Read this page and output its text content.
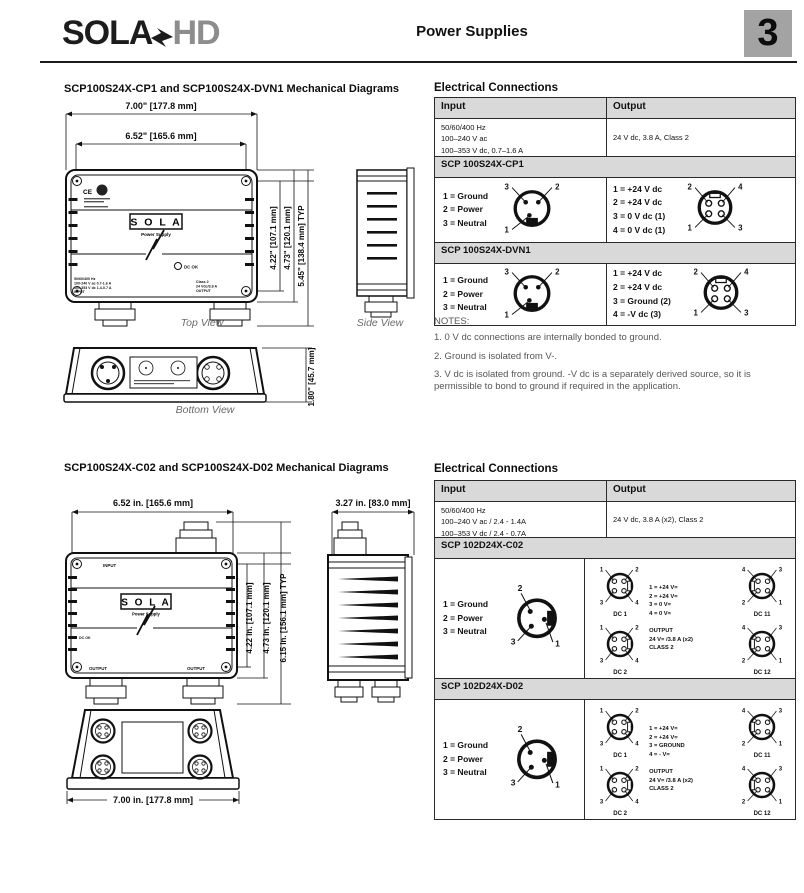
SOLA HD	Power Supplies	3
SCP100S24X-CP1 and SCP100S24X-DVN1 Mechanical Diagrams
7.00" [177.8 mm]
6.52" [165.6 mm]
CE
S O L A
Power Supply
DC OK
50/60/400 Hz
100-240 V ac 0.7-1.6 A
100-353 V dc 1.4-0.7 A
INPUT
Class 2
24 Vdc/3.8 A
OUTPUT
4.22" [107.1 mm] 4.73" [120.1 mm] 5.45" [138.4 mm] TYP
Top View	Side View
1.80" [45.7 mm]
Bottom View
Electrical Connections
Input	Output
50/60/400 Hz
100–240 V ac
100–353 V dc, 0.7–1.6 A
24 V dc, 3.8 A, Class 2
SCP 100S24X-CP1
1 = Ground
2 = Power
3 = Neutral
3	2
1
1 = +24 V dc
2 = +24 V dc
3 = 0 V dc (1)
4 = 0 V dc (1)
2	4
1	3
SCP 100S24X-DVN1
1 = Ground
2 = Power
3 = Neutral
3	2
1
1 = +24 V dc
2 = +24 V dc
3 = Ground (2)
4 = -V dc (3)
2	4
1	3
NOTES:
1. 0 V dc connections are internally bonded to ground.
2. Ground is isolated from V-.
3. V dc is isolated from ground. -V dc is a separately derived source, so it is permissible to bond to ground if required in the application.
SCP100S24X-C02 and SCP100S24X-D02 Mechanical Diagrams
6.52 in. [165.6 mm]
INPUT
S O L A
Power Supply
DC OK
OUTPUT	OUTPUT
4.22 in. [107.1 mm] 4.73 in. [120.1 mm] 6.15 in. [156.1 mm] TYP
3.27 in. [83.0 mm]
7.00 in. [177.8 mm]
Electrical Connections
Input	Output
50/60/400 Hz
100–240 V ac / 2.4 - 1.4A
100–353 V dc / 2.4 - 0.7A
24 V dc, 3.8 A (x2), Class 2
SCP 102D24X-C02
1 = Ground
2 = Power
3 = Neutral
2
3	1
1	2
3	4
DC 1
1	2
3	4
DC 2
1 = +24 V=
2 = +24 V=
3 = 0 V=
4 = 0 V=
OUTPUT
24 V= /3.8 A (x2)
CLASS 2
4	3
2	1
DC 11
4	3
2	1
DC 12
SCP 102D24X-D02
1 = Ground
2 = Power
3 = Neutral
2
3	1
1	2
3	4
DC 1
1	2
3	4
DC 2
1 = +24 V=
2 = +24 V=
3 = GROUND
4 = - V=
OUTPUT
24 V= /3.8 A (x2)
CLASS 2
4	3
2	1
DC 11
4	3
2	1
DC 12
